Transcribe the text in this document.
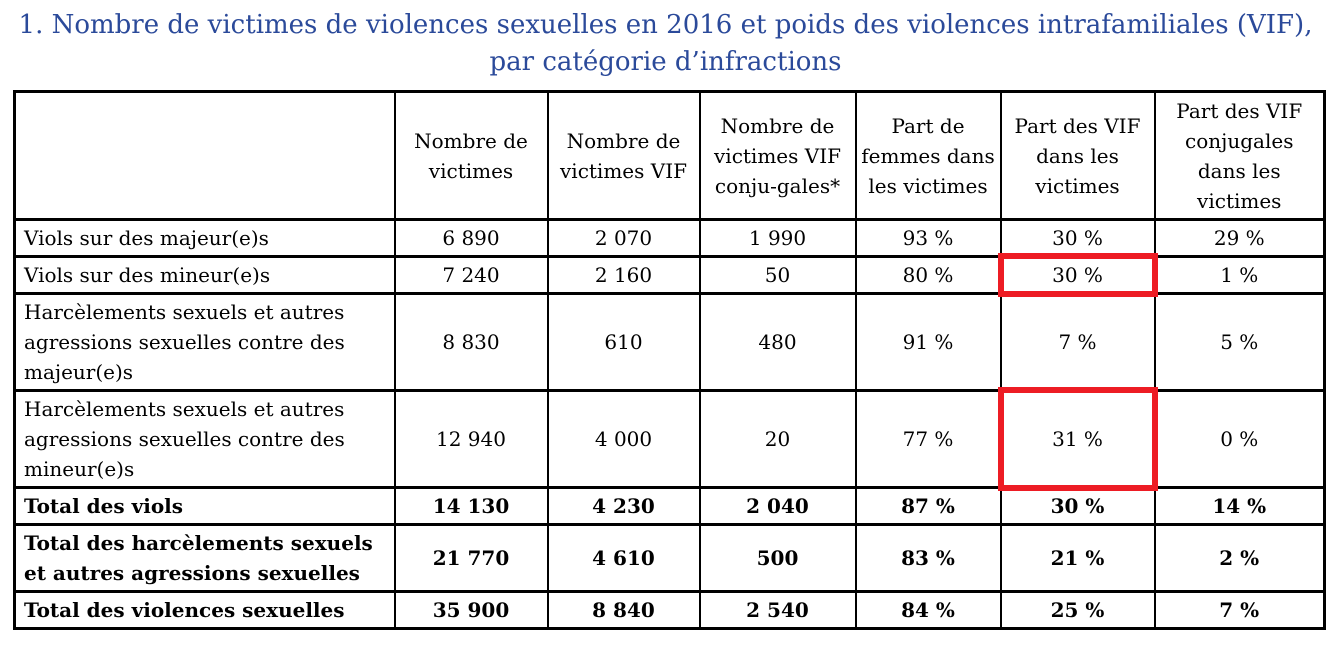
1. Nombre de victimes de violences sexuelles en 2016 et poids des violences intrafamiliales (VIF),
par catégorie d’infractions
	Nombre de victimes	Nombre de victimes VIF	Nombre de victimes VIF conju-gales*	Part de femmes dans les victimes	Part des VIF dans les victimes	Part des VIF conjugales dans les victimes
Viols sur des majeur(e)s	6 890	2 070	1 990	93 %	30 %	29 %
Viols sur des mineur(e)s	7 240	2 160	50	80 %	30 %	1 %
Harcèlements sexuels et autres agressions sexuelles contre des majeur(e)s	8 830	610	480	91 %	7 %	5 %
Harcèlements sexuels et autres agressions sexuelles contre des mineur(e)s	12 940	4 000	20	77 %	31 %	0 %
Total des viols	14 130	4 230	2 040	87 %	30 %	14 %
Total des harcèlements sexuels et autres agressions sexuelles	21 770	4 610	500	83 %	21 %	2 %
Total des violences sexuelles	35 900	8 840	2 540	84 %	25 %	7 %
